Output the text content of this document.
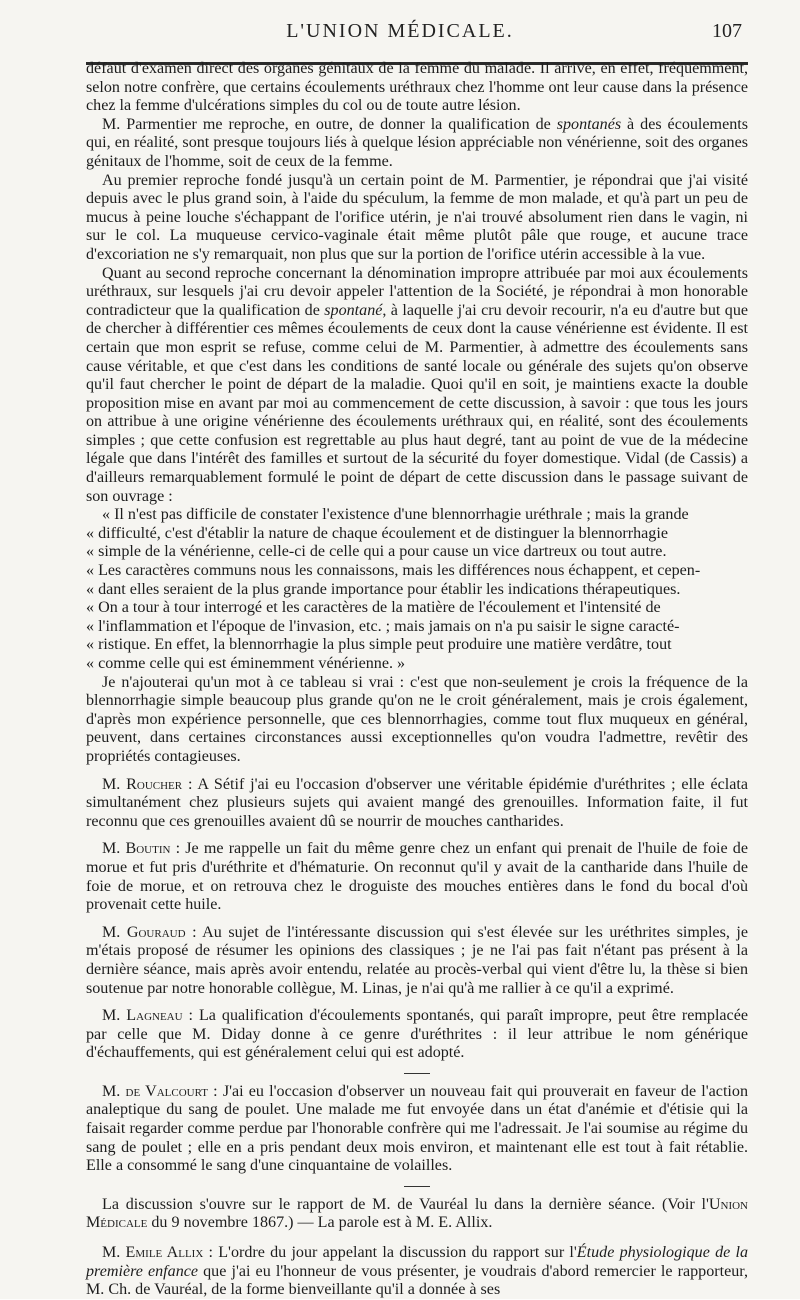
L'UNION MÉDICALE.	107

défaut d'examen direct des organes génitaux de la femme du malade. Il arrive, en effet, fréquemment, selon notre confrère, que certains écoulements uréthraux chez l'homme ont leur cause dans la présence chez la femme d'ulcérations simples du col ou de toute autre lésion.

M. Parmentier me reproche, en outre, de donner la qualification de spontanés à des écoulements qui, en réalité, sont presque toujours liés à quelque lésion appréciable non vénérienne, soit des organes génitaux de l'homme, soit de ceux de la femme.

Au premier reproche fondé jusqu'à un certain point de M. Parmentier, je répondrai que j'ai visité depuis avec le plus grand soin, à l'aide du spéculum, la femme de mon malade, et qu'à part un peu de mucus à peine louche s'échappant de l'orifice utérin, je n'ai trouvé absolument rien dans le vagin, ni sur le col. La muqueuse cervico-vaginale était même plutôt pâle que rouge, et aucune trace d'excoriation ne s'y remarquait, non plus que sur la portion de l'orifice utérin accessible à la vue.

Quant au second reproche concernant la dénomination impropre attribuée par moi aux écoulements uréthraux, sur lesquels j'ai cru devoir appeler l'attention de la Société, je répondrai à mon honorable contradicteur que la qualification de spontané, à laquelle j'ai cru devoir recourir, n'a eu d'autre but que de chercher à différentier ces mêmes écoulements de ceux dont la cause vénérienne est évidente. Il est certain que mon esprit se refuse, comme celui de M. Parmentier, à admettre des écoulements sans cause véritable, et que c'est dans les conditions de santé locale ou générale des sujets qu'on observe qu'il faut chercher le point de départ de la maladie. Quoi qu'il en soit, je maintiens exacte la double proposition mise en avant par moi au commencement de cette discussion, à savoir : que tous les jours on attribue à une origine vénérienne des écoulements uréthraux qui, en réalité, sont des écoulements simples ; que cette confusion est regrettable au plus haut degré, tant au point de vue de la médecine légale que dans l'intérêt des familles et surtout de la sécurité du foyer domestique. Vidal (de Cassis) a d'ailleurs remarquablement formulé le point de départ de cette discussion dans le passage suivant de son ouvrage :

« Il n'est pas difficile de constater l'existence d'une blennorrhagie uréthrale ; mais la grande

« difficulté, c'est d'établir la nature de chaque écoulement et de distinguer la blennorrhagie

« simple de la vénérienne, celle-ci de celle qui a pour cause un vice dartreux ou tout autre.

« Les caractères communs nous les connaissons, mais les différences nous échappent, et cepen-

« dant elles seraient de la plus grande importance pour établir les indications thérapeutiques.

« On a tour à tour interrogé et les caractères de la matière de l'écoulement et l'intensité de

« l'inflammation et l'époque de l'invasion, etc. ; mais jamais on n'a pu saisir le signe caracté-

« ristique. En effet, la blennorrhagie la plus simple peut produire une matière verdâtre, tout

« comme celle qui est éminemment vénérienne. »

Je n'ajouterai qu'un mot à ce tableau si vrai : c'est que non-seulement je crois la fréquence de la blennorrhagie simple beaucoup plus grande qu'on ne le croit généralement, mais je crois également, d'après mon expérience personnelle, que ces blennorrhagies, comme tout flux muqueux en général, peuvent, dans certaines circonstances aussi exceptionnelles qu'on voudra l'admettre, revêtir des propriétés contagieuses.

M. Roucher : A Sétif j'ai eu l'occasion d'observer une véritable épidémie d'uréthrites ; elle éclata simultanément chez plusieurs sujets qui avaient mangé des grenouilles. Information faite, il fut reconnu que ces grenouilles avaient dû se nourrir de mouches cantharides.

M. Boutin : Je me rappelle un fait du même genre chez un enfant qui prenait de l'huile de foie de morue et fut pris d'uréthrite et d'hématurie. On reconnut qu'il y avait de la cantharide dans l'huile de foie de morue, et on retrouva chez le droguiste des mouches entières dans le fond du bocal d'où provenait cette huile.

M. Gouraud : Au sujet de l'intéressante discussion qui s'est élevée sur les uréthrites simples, je m'étais proposé de résumer les opinions des classiques ; je ne l'ai pas fait n'étant pas présent à la dernière séance, mais après avoir entendu, relatée au procès-verbal qui vient d'être lu, la thèse si bien soutenue par notre honorable collègue, M. Linas, je n'ai qu'à me rallier à ce qu'il a exprimé.

M. Lagneau : La qualification d'écoulements spontanés, qui paraît impropre, peut être remplacée par celle que M. Diday donne à ce genre d'uréthrites : il leur attribue le nom générique d'échauffements, qui est généralement celui qui est adopté.

M. de Valcourt : J'ai eu l'occasion d'observer un nouveau fait qui prouverait en faveur de l'action analeptique du sang de poulet. Une malade me fut envoyée dans un état d'anémie et d'étisie qui la faisait regarder comme perdue par l'honorable confrère qui me l'adressait. Je l'ai soumise au régime du sang de poulet ; elle en a pris pendant deux mois environ, et maintenant elle est tout à fait rétablie. Elle a consommé le sang d'une cinquantaine de volailles.

La discussion s'ouvre sur le rapport de M. de Vauréal lu dans la dernière séance. (Voir l'Union Médicale du 9 novembre 1867.) — La parole est à M. E. Allix.

M. Emile Allix : L'ordre du jour appelant la discussion du rapport sur l'Étude physiologique de la première enfance que j'ai eu l'honneur de vous présenter, je voudrais d'abord remercier le rapporteur, M. Ch. de Vauréal, de la forme bienveillante qu'il a donnée à ses
